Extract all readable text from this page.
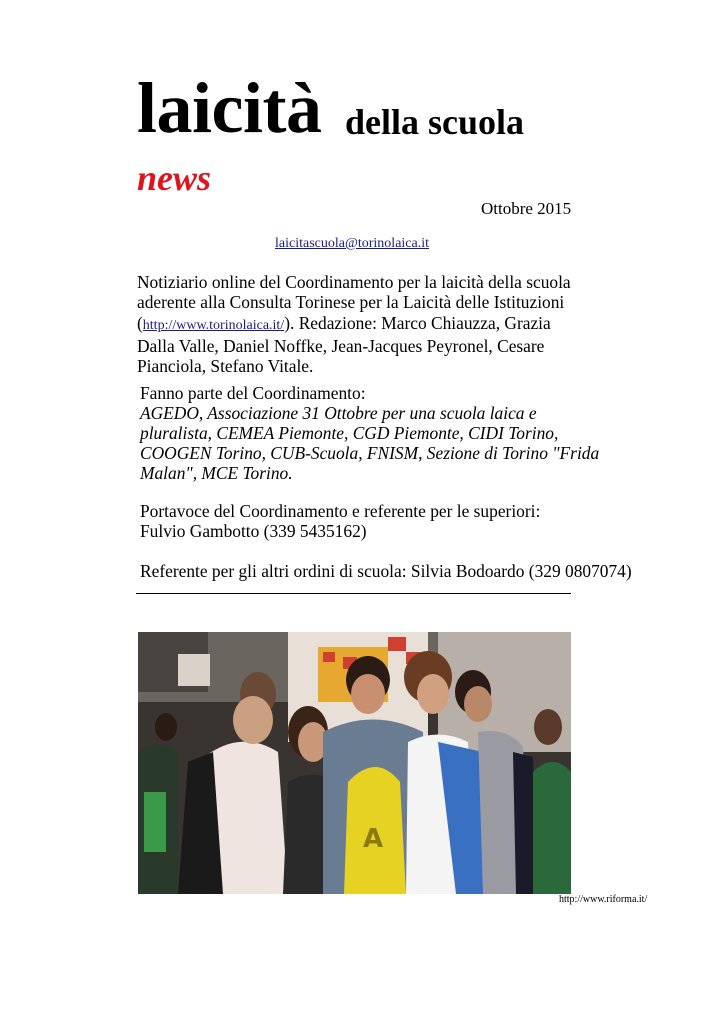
laicità della scuola
news
Ottobre 2015
laicitascuola@torinolaica.it
Notiziario online del Coordinamento per la laicità della scuola
aderente alla Consulta Torinese per la Laicità delle Istituzioni
(http://www.torinolaica.it/). Redazione: Marco Chiauzza, Grazia
Dalla Valle, Daniel Noffke, Jean-Jacques Peyronel, Cesare
Pianciola, Stefano Vitale.
Fanno parte del Coordinamento:
AGEDO, Associazione 31 Ottobre per una scuola laica e
pluralista, CEMEA Piemonte, CGD Piemonte, CIDI Torino,
COOGEN Torino, CUB-Scuola, FNISM, Sezione di Torino "Frida
Malan", MCE Torino.
Portavoce del Coordinamento e referente per le superiori:
Fulvio Gambotto (339 5435162)
Referente per gli altri ordini di scuola: Silvia Bodoardo (329 0807074)
A
http://www.riforma.it/
